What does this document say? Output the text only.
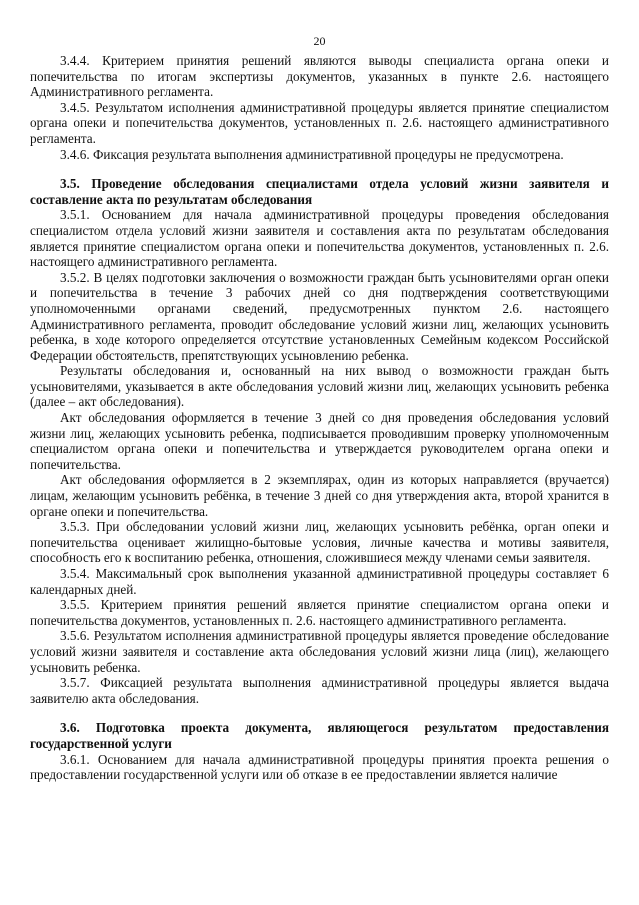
20

3.4.4. Критерием принятия решений являются выводы специалиста органа опеки и попечительства по итогам экспертизы документов, указанных в пункте 2.6. настоящего Административного регламента.

3.4.5. Результатом исполнения административной процедуры является принятие специалистом органа опеки и попечительства документов, установленных п. 2.6. настоящего административного регламента.

3.4.6. Фиксация результата выполнения административной процедуры не предусмотрена.

3.5. Проведение обследования специалистами отдела условий жизни заявителя и составление акта по результатам обследования

3.5.1. Основанием для начала административной процедуры проведения обследования специалистом отдела условий жизни заявителя и составления акта по результатам обследования является принятие специалистом органа опеки и попечительства документов, установленных п. 2.6. настоящего административного регламента.

3.5.2. В целях подготовки заключения о возможности граждан быть усыновителями орган опеки и попечительства в течение 3 рабочих дней со дня подтверждения соответствующими уполномоченными органами сведений, предусмотренных пунктом 2.6. настоящего Административного регламента, проводит обследование условий жизни лиц, желающих усыновить ребенка, в ходе которого определяется отсутствие установленных Семейным кодексом Российской Федерации обстоятельств, препятствующих усыновлению ребенка.

Результаты обследования и, основанный на них вывод о возможности граждан быть усыновителями, указывается в акте обследования условий жизни лиц, желающих усыновить ребенка (далее – акт обследования).

Акт обследования оформляется в течение 3 дней со дня проведения обследования условий жизни лиц, желающих усыновить ребенка, подписывается проводившим проверку уполномоченным специалистом органа опеки и попечительства и утверждается руководителем органа опеки и попечительства.

Акт обследования оформляется в 2 экземплярах, один из которых направляется (вручается) лицам, желающим усыновить ребёнка, в течение 3 дней со дня утверждения акта, второй хранится в органе опеки и попечительства.

3.5.3. При обследовании условий жизни лиц, желающих усыновить ребёнка, орган опеки и попечительства оценивает жилищно-бытовые условия, личные качества и мотивы заявителя, способность его к воспитанию ребенка, отношения, сложившиеся между членами семьи заявителя.

3.5.4. Максимальный срок выполнения указанной административной процедуры составляет 6 календарных дней.

3.5.5. Критерием принятия решений является принятие специалистом органа опеки и попечительства документов, установленных п. 2.6. настоящего административного регламента.

3.5.6. Результатом исполнения административной процедуры является проведение обследование условий жизни заявителя и составление акта обследования условий жизни лица (лиц), желающего усыновить ребенка.

3.5.7. Фиксацией результата выполнения административной процедуры является выдача заявителю акта обследования.

3.6. Подготовка проекта документа, являющегося результатом предоставления государственной услуги

3.6.1. Основанием для начала административной процедуры принятия проекта решения о предоставлении государственной услуги или об отказе в ее предоставлении является наличие
